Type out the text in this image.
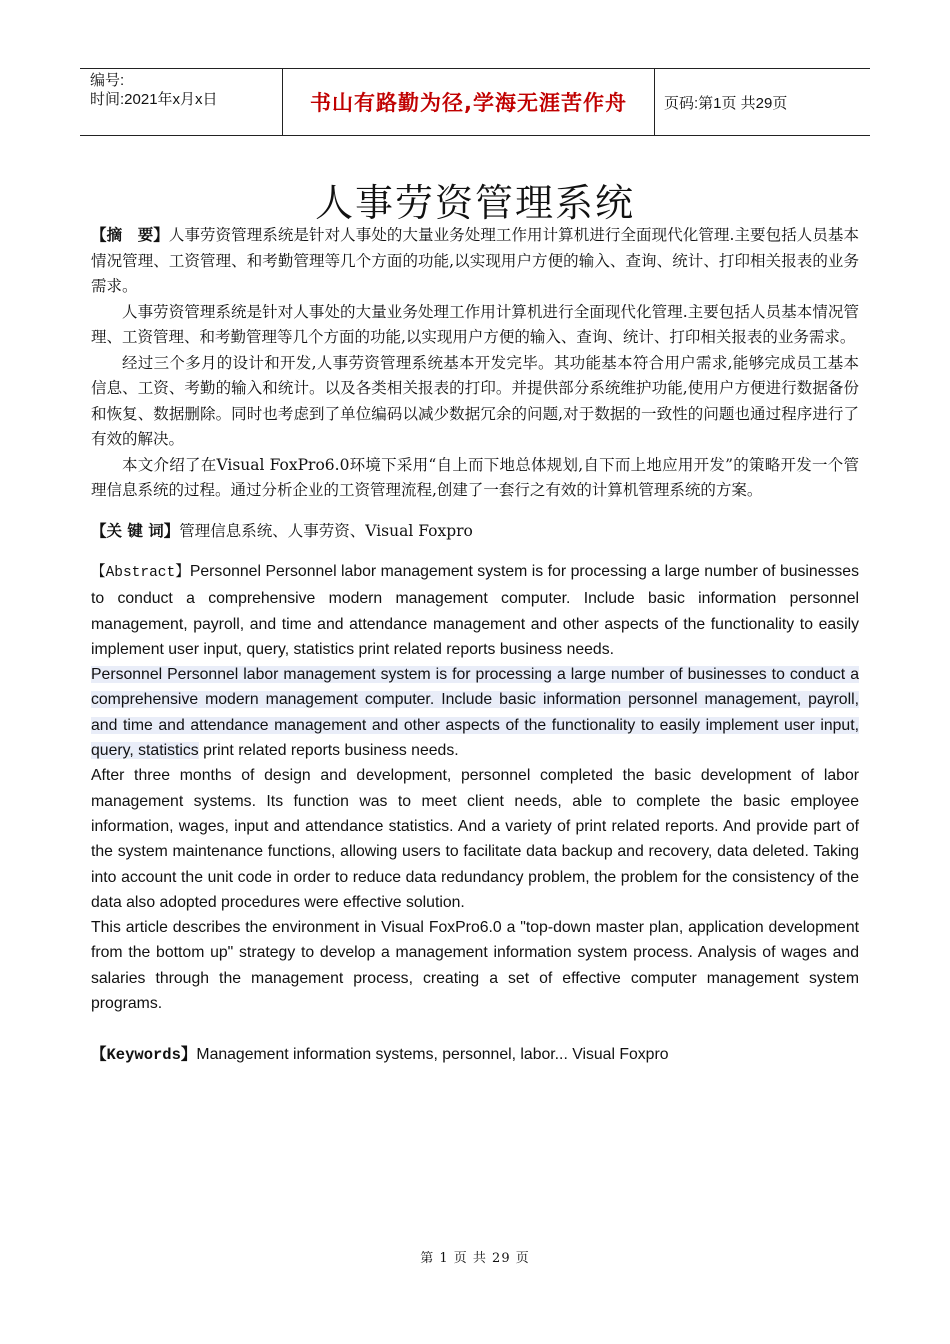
编号:
时间:2021年x月x日	书山有路勤为径,学海无涯苦作舟	页码:第1页 共29页
人事劳资管理系统

【摘　要】人事劳资管理系统是针对人事处的大量业务处理工作用计算机进行全面现代化管理.主要包括人员基本情况管理、工资管理、和考勤管理等几个方面的功能,以实现用户方便的输入、查询、统计、打印相关报表的业务需求。

人事劳资管理系统是针对人事处的大量业务处理工作用计算机进行全面现代化管理.主要包括人员基本情况管理、工资管理、和考勤管理等几个方面的功能,以实现用户方便的输入、查询、统计、打印相关报表的业务需求。

经过三个多月的设计和开发,人事劳资管理系统基本开发完毕。其功能基本符合用户需求,能够完成员工基本信息、工资、考勤的输入和统计。以及各类相关报表的打印。并提供部分系统维护功能,使用户方便进行数据备份和恢复、数据删除。同时也考虑到了单位编码以减少数据冗余的问题,对于数据的一致性的问题也通过程序进行了有效的解决。

本文介绍了在Visual FoxPro6.0环境下采用“自上而下地总体规划,自下而上地应用开发”的策略开发一个管理信息系统的过程。通过分析企业的工资管理流程,创建了一套行之有效的计算机管理系统的方案。

【关 键 词】管理信息系统、人事劳资、Visual Foxpro

【Abstract】Personnel Personnel labor management system is for processing a large number of businesses to conduct a comprehensive modern management computer. Include basic information personnel management, payroll, and time and attendance management and other aspects of the functionality to easily implement user input, query, statistics print related reports business needs.

Personnel Personnel labor management system is for processing a large number of businesses to conduct a comprehensive modern management computer. Include basic information personnel management, payroll, and time and attendance management and other aspects of the functionality to easily implement user input, query, statistics print related reports business needs.

After three months of design and development, personnel completed the basic development of labor management systems. Its function was to meet client needs, able to complete the basic employee information, wages, input and attendance statistics. And a variety of print related reports. And provide part of the system maintenance functions, allowing users to facilitate data backup and recovery, data deleted. Taking into account the unit code in order to reduce data redundancy problem, the problem for the consistency of the data also adopted procedures were effective solution.

This article describes the environment in Visual FoxPro6.0 a "top-down master plan, application development from the bottom up" strategy to develop a management information system process. Analysis of wages and salaries through the management process, creating a set of effective computer management system programs.

【Keywords】Management information systems, personnel, labor... Visual Foxpro

第 1 页 共 29 页
